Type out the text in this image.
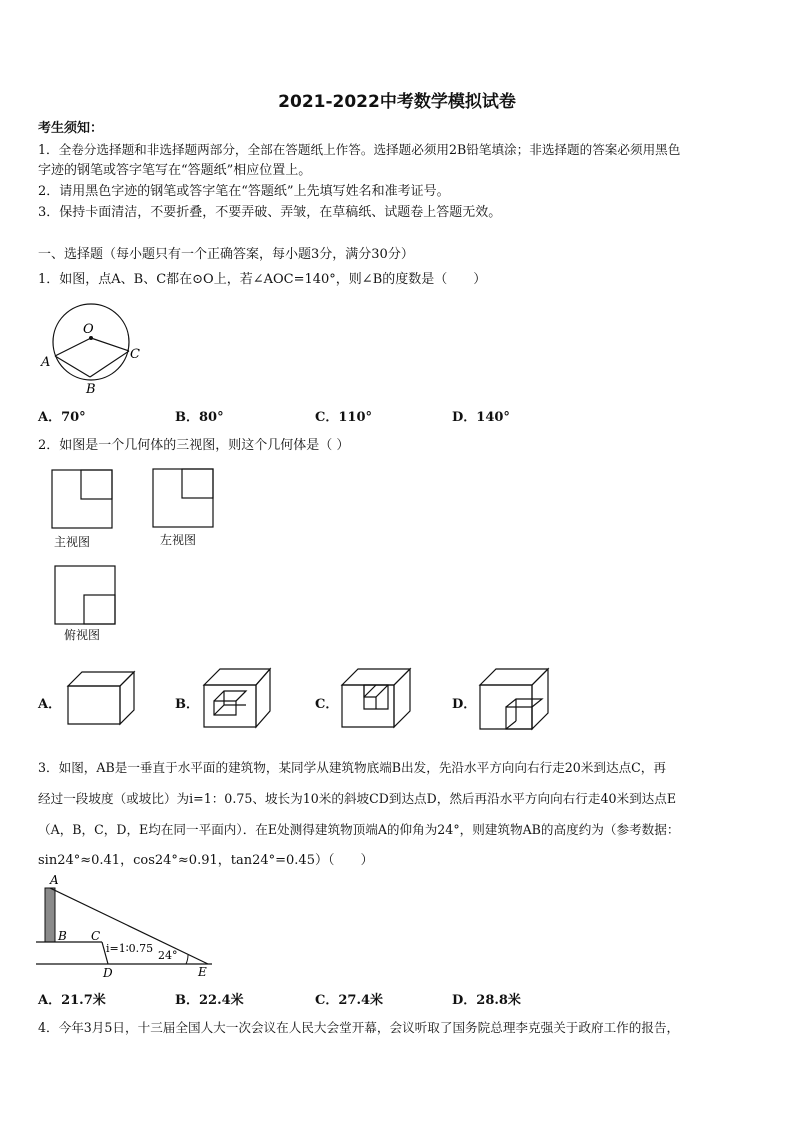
2021-2022中考数学模拟试卷
考生须知：
1．全卷分选择题和非选择题两部分，全部在答题纸上作答。选择题必须用2B铅笔填涂；非选择题的答案必须用黑色
字迹的钢笔或答字笔写在“答题纸”相应位置上。
2．请用黑色字迹的钢笔或答字笔在“答题纸”上先填写姓名和准考证号。
3．保持卡面清洁，不要折叠，不要弄破、弄皱，在草稿纸、试题卷上答题无效。
一、选择题（每小题只有一个正确答案，每小题3分，满分30分）
1．如图，点A、B、C都在⊙O上，若∠AOC=140°，则∠B的度数是（　　）
O
A
B
C
A．70°	B．80°	C．110°	D．140°
2．如图是一个几何体的三视图，则这个几何体是（ ）
主视图	左视图
俯视图
A．	B．	C．	D．
3．如图，AB是一垂直于水平面的建筑物，某同学从建筑物底端B出发，先沿水平方向向右行走20米到达点C，再
经过一段坡度（或坡比）为i=1：0.75、坡长为10米的斜坡CD到达点D，然后再沿水平方向向右行走40米到达点E
（A，B，C，D，E均在同一平面内）．在E处测得建筑物顶端A的仰角为24°，则建筑物AB的高度约为（参考数据：
sin24°≈0.41，cos24°≈0.91，tan24°=0.45）（　　）
A
B C
D	E
i=1∶0.75
24°
A．21.7米	B．22.4米	C．27.4米	D．28.8米
4．今年3月5日，十三届全国人大一次会议在人民大会堂开幕，会议听取了国务院总理李克强关于政府工作的报告，
